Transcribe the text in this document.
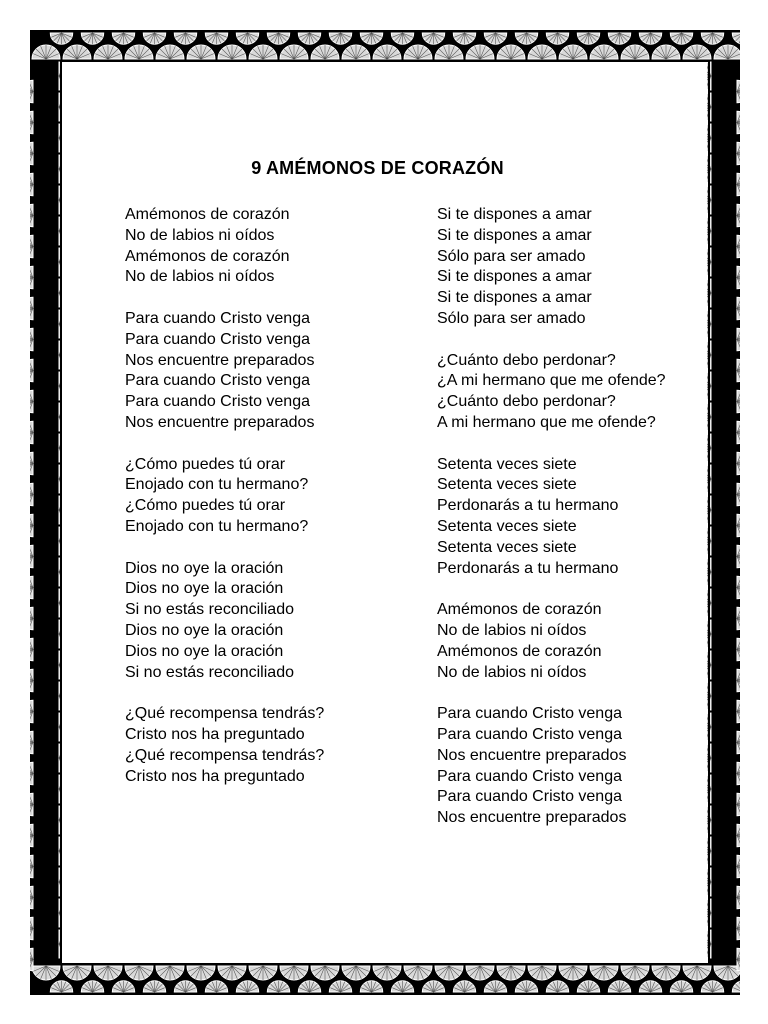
9 AMÉMONOS DE CORAZÓN
Amémonos de corazón
No de labios ni oídos
Amémonos de corazón
No de labios ni oídos
Para cuando Cristo venga
Para cuando Cristo venga
Nos encuentre preparados
Para cuando Cristo venga
Para cuando Cristo venga
Nos encuentre preparados
¿Cómo puedes tú orar
Enojado con tu hermano?
¿Cómo puedes tú orar
Enojado con tu hermano?
Dios no oye la oración
Dios no oye la oración
Si no estás reconciliado
Dios no oye la oración
Dios no oye la oración
Si no estás reconciliado
¿Qué recompensa tendrás?
Cristo nos ha preguntado
¿Qué recompensa tendrás?
Cristo nos ha preguntado
Si te dispones a amar
Si te dispones a amar
Sólo para ser amado
Si te dispones a amar
Si te dispones a amar
Sólo para ser amado
¿Cuánto debo perdonar?
¿A mi hermano que me ofende?
¿Cuánto debo perdonar?
A mi hermano que me ofende?
Setenta veces siete
Setenta veces siete
Perdonarás a tu hermano
Setenta veces siete
Setenta veces siete
Perdonarás a tu hermano
Amémonos de corazón
No de labios ni oídos
Amémonos de corazón
No de labios ni oídos
Para cuando Cristo venga
Para cuando Cristo venga
Nos encuentre preparados
Para cuando Cristo venga
Para cuando Cristo venga
Nos encuentre preparados
